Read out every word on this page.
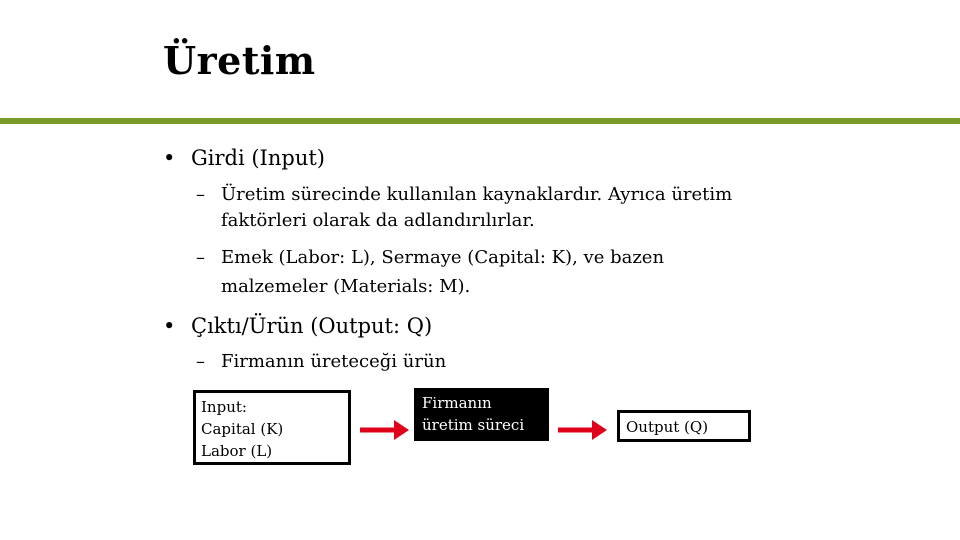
Üretim
• Girdi (Input)
– Üretim sürecinde kullanılan kaynaklardır. Ayrıca üretim
faktörleri olarak da adlandırılırlar.
– Emek (Labor: L), Sermaye (Capital: K), ve bazen
malzemeler (Materials: M).
• Çıktı/Ürün (Output: Q)
– Firmanın üreteceği ürün
Input:
Capital (K)
Labor (L)
Firmanın
üretim süreci	Output (Q)
